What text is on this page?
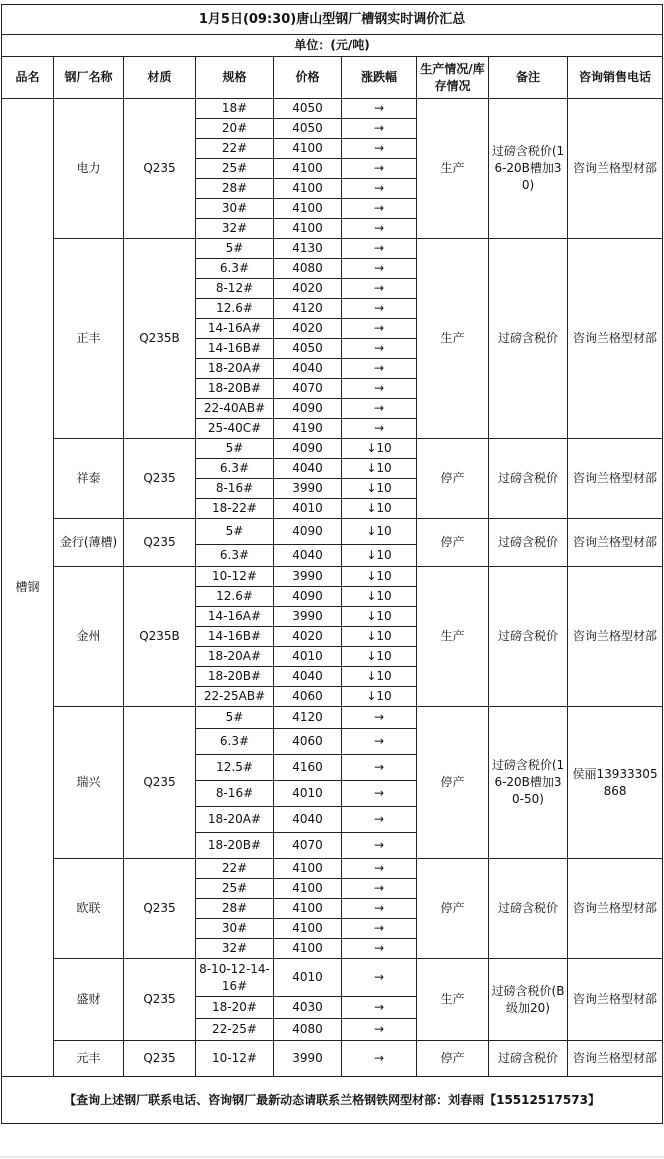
1月5日(09:30)唐山型钢厂槽钢实时调价汇总								
单位：(元/吨)								
品名	钢厂名称	材质	规格	价格	涨跌幅	生产情况/库存情况	备注	咨询销售电话
槽钢	电力	Q235	18#	4050	→	生产	过磅含税价(16-20B槽加30)	咨询兰格型材部
			20#	4050	→			
			22#	4100	→			
			25#	4100	→			
			28#	4100	→			
			30#	4100	→			
			32#	4100	→			
	正丰	Q235B	5#	4130	→	生产	过磅含税价	咨询兰格型材部
			6.3#	4080	→			
			8-12#	4020	→			
			12.6#	4120	→			
			14-16A#	4020	→			
			14-16B#	4050	→			
			18-20A#	4040	→			
			18-20B#	4070	→			
			22-40AB#	4090	→			
			25-40C#	4190	→			
	祥泰	Q235	5#	4090	↓10	停产	过磅含税价	咨询兰格型材部
			6.3#	4040	↓10			
			8-16#	3990	↓10			
			18-22#	4010	↓10			
	金行(薄槽)	Q235	5#	4090	↓10	停产	过磅含税价	咨询兰格型材部
			6.3#	4040	↓10			
	金州	Q235B	10-12#	3990	↓10	生产	过磅含税价	咨询兰格型材部
			12.6#	4090	↓10			
			14-16A#	3990	↓10			
			14-16B#	4020	↓10			
			18-20A#	4010	↓10			
			18-20B#	4040	↓10			
			22-25AB#	4060	↓10			
	瑞兴	Q235	5#	4120	→	停产	过磅含税价(16-20B槽加30-50)	侯丽13933305868
			6.3#	4060	→			
			12.5#	4160	→			
			8-16#	4010	→			
			18-20A#	4040	→			
			18-20B#	4070	→			
	欧联	Q235	22#	4100	→	停产	过磅含税价	咨询兰格型材部
			25#	4100	→			
			28#	4100	→			
			30#	4100	→			
			32#	4100	→			
	盛财	Q235	8-10-12-14-16#	4010	→	生产	过磅含税价(B级加20)	咨询兰格型材部
			18-20#	4030	→			
			22-25#	4080	→			
	元丰	Q235	10-12#	3990	→	停产	过磅含税价	咨询兰格型材部
【查询上述钢厂联系电话、咨询钢厂最新动态请联系兰格钢铁网型材部：刘春雨【15512517573】								
